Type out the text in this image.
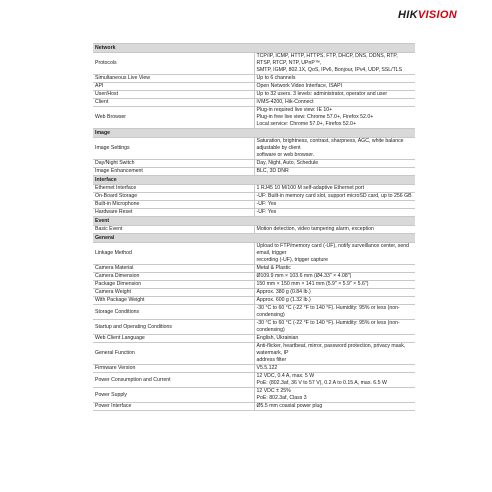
HIKVISION
Network	
Protocols	TCP/IP, ICMP, HTTP, HTTPS, FTP, DHCP, DNS, DDNS, RTP, RTSP, RTCP, NTP, UPnP™,
SMTP, IGMP, 802.1X, QoS, IPv6, Bonjour, IPv4, UDP, SSL/TLS

Simultaneous Live View	Up to 6 channels

API	Open Network Video Interface, ISAPI

User/Host	Up to 32 users. 3 levels: administrator, operator and user

Client	iVMS-4200, Hik-Connect

Web Browser	Plug-in required live view: IE 10+
Plug-in free live view: Chrome 57.0+, Firefox 52.0+
Local service: Chrome 57.0+, Firefox 52.0+

Image	
Image Settings	Saturation, brightness, contrast, sharpness, AGC, white balance adjustable by client
software or web browser.

Day/Night Switch	Day, Night, Auto, Schedule

Image Enhancement	BLC, 3D DNR

Interface	
Ethernet Interface	1 RJ45 10 M/100 M self-adaptive Ethernet port

On-Board Storage	-UF: Built-in memory card slot, support microSD card, up to 256 GB

Built-in Microphone	-UF: Yes

Hardware Reset	-UF: Yes

Event	
Basic Event	Motion detection, video tampering alarm, exception

General	
Linkage Method	Upload to FTP/memory card (-UF), notify surveillance center, send email, trigger
recording (-UF), trigger capture

Camera Material	Metal & Plastic

Camera Dimension	Ø109.9 mm × 103.6 mm (Ø4.33" × 4.08")

Package Dimension	150 mm × 150 mm × 141 mm (5.9" × 5.9" × 5.6")

Camera Weight	Approx. 380 g (0.84 lb.)

With Package Weight	Approx. 600 g (1.32 lb.)

Storage Conditions	-30 °C to 60 °C (-22 °F to 140 °F). Humidity: 95% or less (non-condensing)

Startup and Operating Conditions	-30 °C to 60 °C (-22 °F to 140 °F). Humidity: 95% or less (non-condensing)

Web Client Language	English, Ukrainian

General Function	Anti-flicker, heartbeat, mirror, password protection, privacy mask, watermark, IP
address filter

Firmware Version	V5.5.122

Power Consumption and Current	12 VDC, 0.4 A, max. 5 W
PoE: (802.3af, 36 V to 57 V), 0.2 A to 0.15 A, max. 6.5 W

Power Supply	12 VDC ± 25%
PoE: 802.3af, Class 3

Power Interface	Ø5.5 mm coaxial power plug
